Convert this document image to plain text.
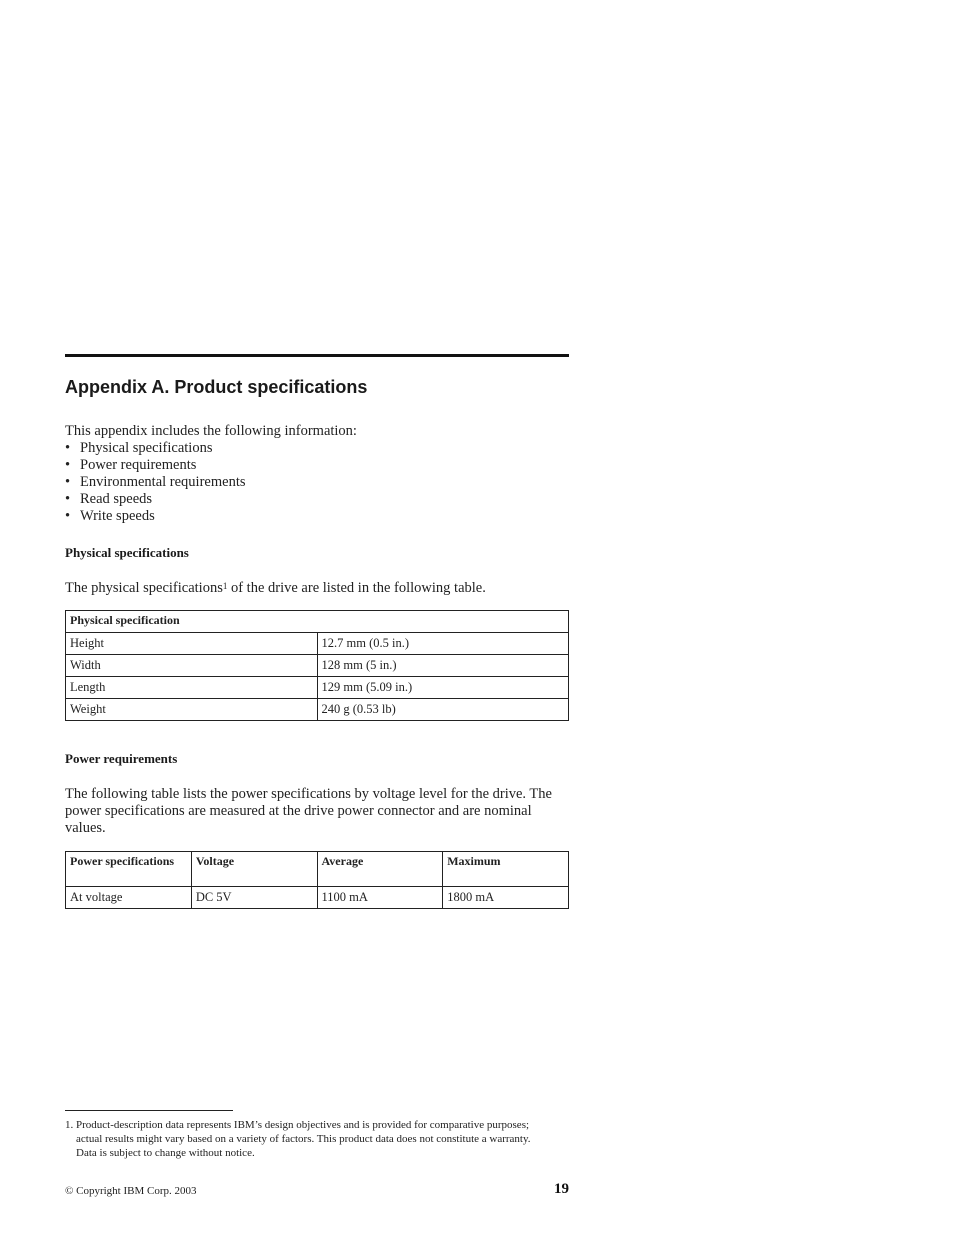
Appendix A. Product specifications

This appendix includes the following information:

• Physical specifications
• Power requirements
• Environmental requirements
• Read speeds
• Write speeds
Physical specifications

The physical specifications$^1$ of the drive are listed in the following table.

Physical specification	
Height	12.7 mm (0.5 in.)
Width	128 mm (5 in.)
Length	129 mm (5.09 in.)
Weight	240 g (0.53 lb)
Power requirements

The following table lists the power specifications by voltage level for the drive. The power specifications are measured at the drive power connector and are nominal values.

Power specifications	Voltage	Average	Maximum
At voltage	DC 5V	1100 mA	1800 mA

1. Product-description data represents IBM’s design objectives and is provided for comparative purposes; actual results might vary based on a variety of factors. This product data does not constitute a warranty. Data is subject to change without notice.

© Copyright IBM Corp. 2003	19
